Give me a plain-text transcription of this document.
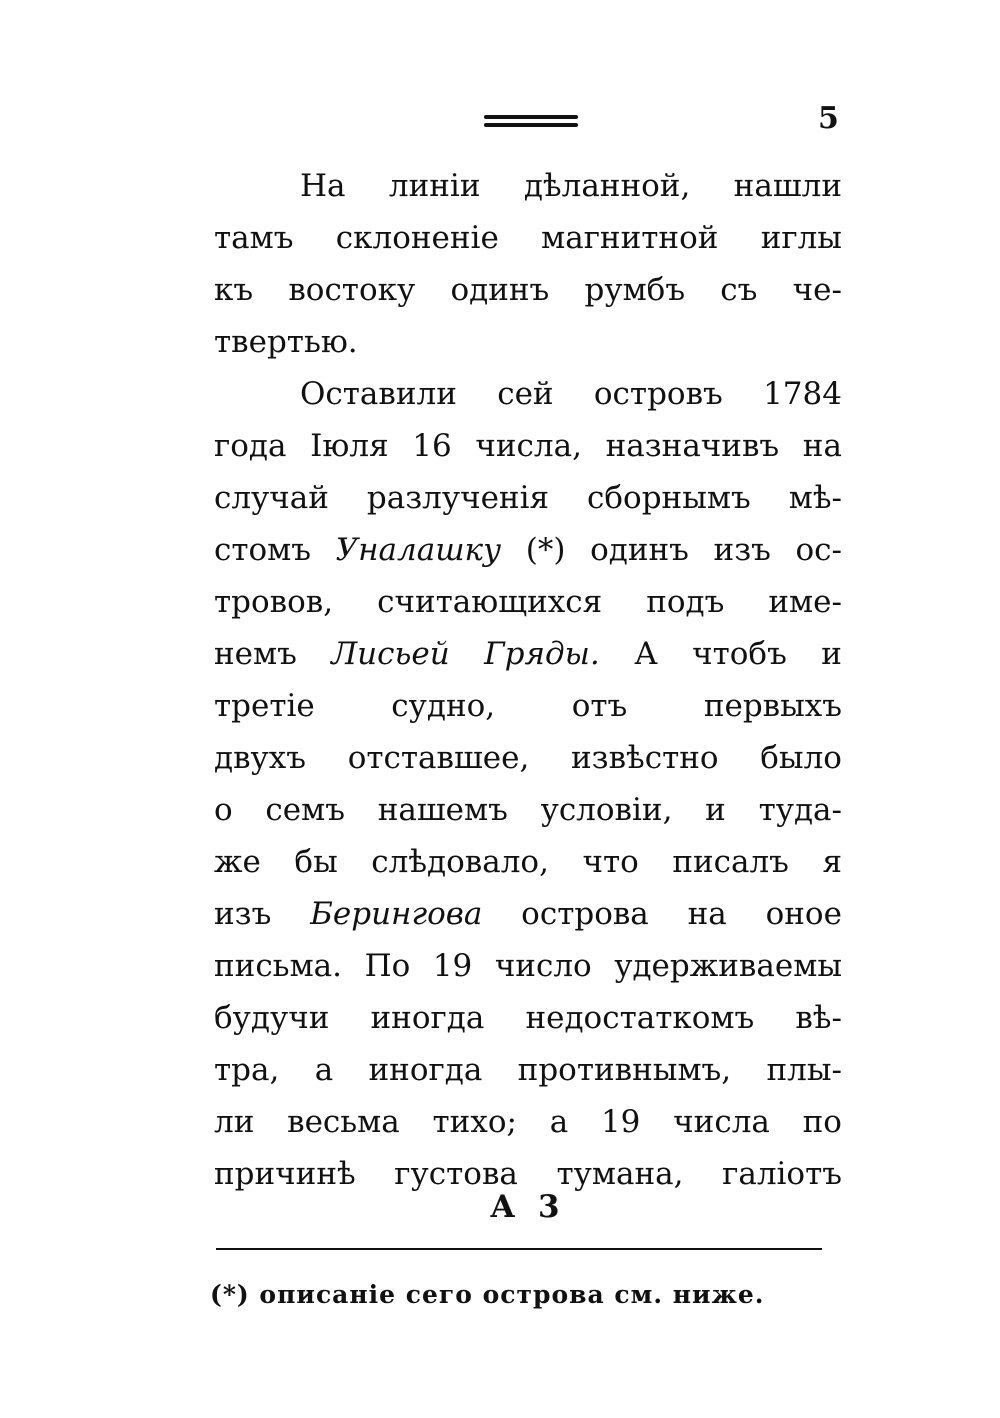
5
На линiи дѣланной, нашли
тамъ склоненiе магнитной иглы
къ востоку одинъ румбъ съ че-
твертью.
Оставили сей островъ 1784
года Iюля 16 числа, назначивъ на
случай разлученiя сборнымъ мѣ-
стомъ Уналашку (*) одинъ изъ ос-
тровов, считающихся подъ име-
немъ Лисьей Гряды. А чтобъ и
третiе судно, отъ первыхъ
двухъ отставшее, извѣстно было
о семъ нашемъ условiи, и туда-
же бы слѣдовало, что писалъ я
изъ Берингова острова на оное
письма. По 19 число удерживаемы
будучи иногда недостаткомъ вѣ-
тра, а иногда противнымъ, плы-
ли весьма тихо; а 19 числа по
причинѣ густова тумана, галiотъ
А 3
(*) описанiе сего острова см. ниже.
